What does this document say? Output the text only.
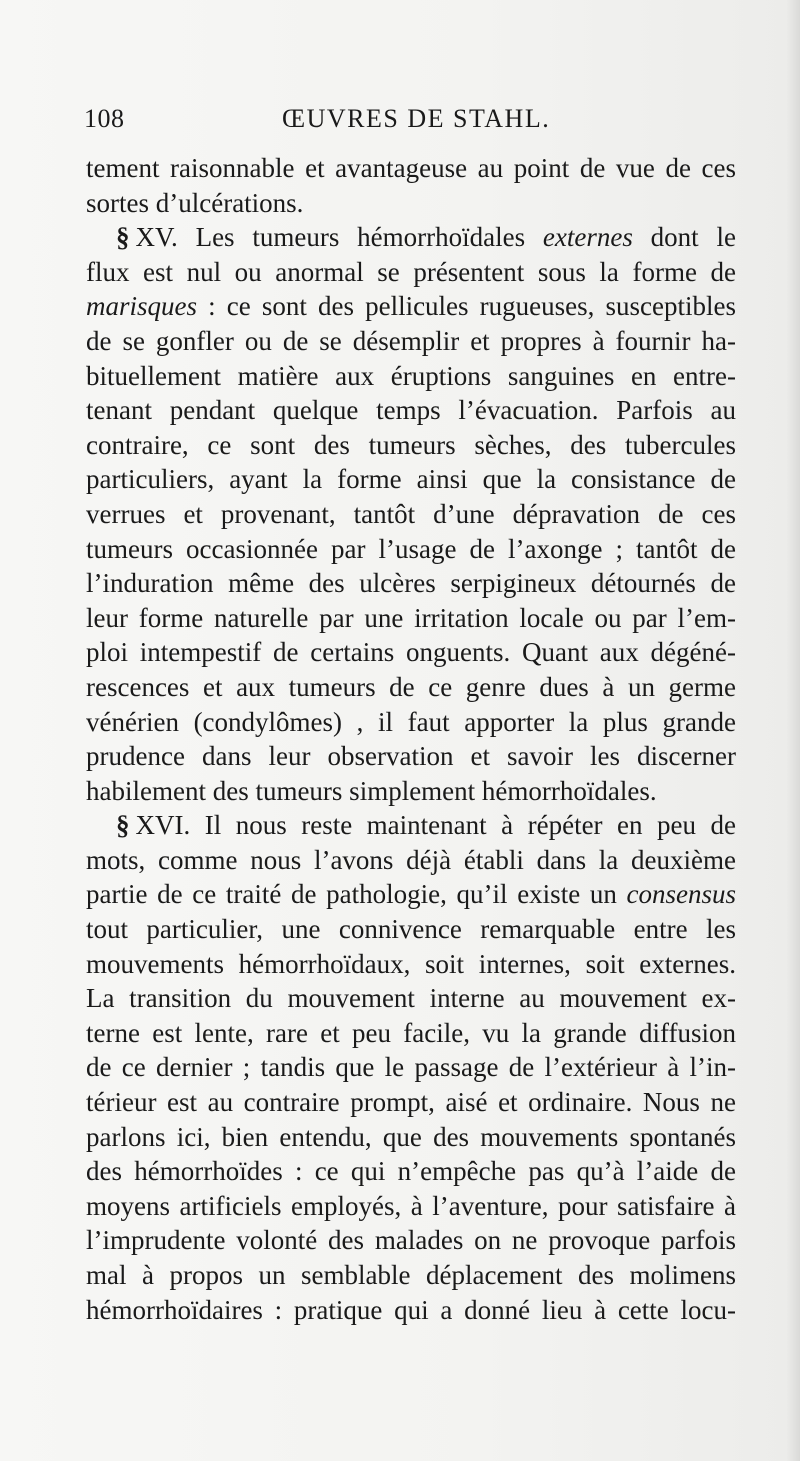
108	ŒUVRES DE STAHL.
tement raisonnable et avantageuse au point de vue de ces
sortes d’ulcérations.
§ XV. Les tumeurs hémorrhoïdales externes dont le
flux est nul ou anormal se présentent sous la forme de
marisques : ce sont des pellicules rugueuses, susceptibles
de se gonfler ou de se désemplir et propres à fournir ha-
bituellement matière aux éruptions sanguines en entre-
tenant pendant quelque temps l’évacuation. Parfois au
contraire, ce sont des tumeurs sèches, des tubercules
particuliers, ayant la forme ainsi que la consistance de
verrues et provenant, tantôt d’une dépravation de ces
tumeurs occasionnée par l’usage de l’axonge ; tantôt de
l’induration même des ulcères serpigineux détournés de
leur forme naturelle par une irritation locale ou par l’em-
ploi intempestif de certains onguents. Quant aux dégéné-
rescences et aux tumeurs de ce genre dues à un germe
vénérien (condylômes) , il faut apporter la plus grande
prudence dans leur observation et savoir les discerner
habilement des tumeurs simplement hémorrhoïdales.
§ XVI. Il nous reste maintenant à répéter en peu de
mots, comme nous l’avons déjà établi dans la deuxième
partie de ce traité de pathologie, qu’il existe un consensus
tout particulier, une connivence remarquable entre les
mouvements hémorrhoïdaux, soit internes, soit externes.
La transition du mouvement interne au mouvement ex-
terne est lente, rare et peu facile, vu la grande diffusion
de ce dernier ; tandis que le passage de l’extérieur à l’in-
térieur est au contraire prompt, aisé et ordinaire. Nous ne
parlons ici, bien entendu, que des mouvements spontanés
des hémorrhoïdes : ce qui n’empêche pas qu’à l’aide de
moyens artificiels employés, à l’aventure, pour satisfaire à
l’imprudente volonté des malades on ne provoque parfois
mal à propos un semblable déplacement des molimens
hémorrhoïdaires : pratique qui a donné lieu à cette locu-
